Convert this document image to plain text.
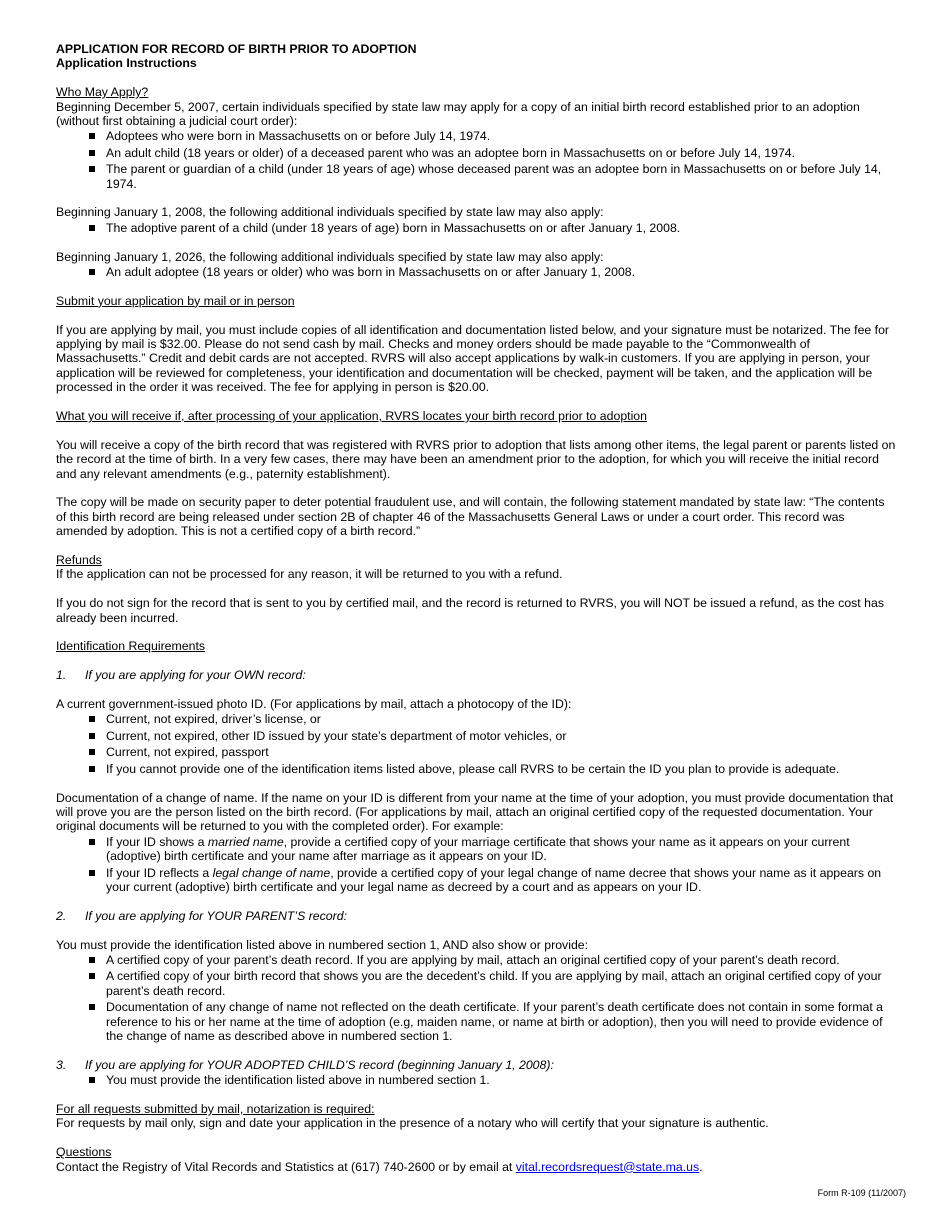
APPLICATION FOR RECORD OF BIRTH PRIOR TO ADOPTION

Application Instructions

Who May Apply?

Beginning December 5, 2007, certain individuals specified by state law may apply for a copy of an initial birth record established prior to an adoption (without first obtaining a judicial court order):

Adoptees who were born in Massachusetts on or before July 14, 1974.
An adult child (18 years or older) of a deceased parent who was an adoptee born in Massachusetts on or before July 14, 1974.
The parent or guardian of a child (under 18 years of age) whose deceased parent was an adoptee born in Massachusetts on or before July 14, 1974.

Beginning January 1, 2008, the following additional individuals specified by state law may also apply:

The adoptive parent of a child (under 18 years of age) born in Massachusetts on or after January 1, 2008.

Beginning January 1, 2026, the following additional individuals specified by state law may also apply:

An adult adoptee (18 years or older) who was born in Massachusetts on or after January 1, 2008.

Submit your application by mail or in person

If you are applying by mail, you must include copies of all identification and documentation listed below, and your signature must be notarized. The fee for applying by mail is $32.00. Please do not send cash by mail. Checks and money orders should be made payable to the “Commonwealth of Massachusetts.” Credit and debit cards are not accepted. RVRS will also accept applications by walk-in customers. If you are applying in person, your application will be reviewed for completeness, your identification and documentation will be checked, payment will be taken, and the application will be processed in the order it was received. The fee for applying in person is $20.00.

What you will receive if, after processing of your application, RVRS locates your birth record prior to adoption

You will receive a copy of the birth record that was registered with RVRS prior to adoption that lists among other items, the legal parent or parents listed on the record at the time of birth. In a very few cases, there may have been an amendment prior to the adoption, for which you will receive the initial record and any relevant amendments (e.g., paternity establishment).

The copy will be made on security paper to deter potential fraudulent use, and will contain, the following statement mandated by state law: “The contents of this birth record are being released under section 2B of chapter 46 of the Massachusetts General Laws or under a court order. This record was amended by adoption. This is not a certified copy of a birth record.”

Refunds

If the application can not be processed for any reason, it will be returned to you with a refund.

If you do not sign for the record that is sent to you by certified mail, and the record is returned to RVRS, you will NOT be issued a refund, as the cost has already been incurred.

Identification Requirements

1. If you are applying for your OWN record:

A current government-issued photo ID. (For applications by mail, attach a photocopy of the ID):

Current, not expired, driver’s license, or
Current, not expired, other ID issued by your state’s department of motor vehicles, or
Current, not expired, passport
If you cannot provide one of the identification items listed above, please call RVRS to be certain the ID you plan to provide is adequate.

Documentation of a change of name. If the name on your ID is different from your name at the time of your adoption, you must provide documentation that will prove you are the person listed on the birth record. (For applications by mail, attach an original certified copy of the requested documentation. Your original documents will be returned to you with the completed order). For example:

If your ID shows a married name, provide a certified copy of your marriage certificate that shows your name as it appears on your current (adoptive) birth certificate and your name after marriage as it appears on your ID.
If your ID reflects a legal change of name, provide a certified copy of your legal change of name decree that shows your name as it appears on your current (adoptive) birth certificate and your legal name as decreed by a court and as appears on your ID.

2. If you are applying for YOUR PARENT’S record:

You must provide the identification listed above in numbered section 1, AND also show or provide:

A certified copy of your parent’s death record. If you are applying by mail, attach an original certified copy of your parent’s death record.
A certified copy of your birth record that shows you are the decedent’s child. If you are applying by mail, attach an original certified copy of your parent’s death record.
Documentation of any change of name not reflected on the death certificate. If your parent’s death certificate does not contain in some format a reference to his or her name at the time of adoption (e.g, maiden name, or name at birth or adoption), then you will need to provide evidence of the change of name as described above in numbered section 1.

3. If you are applying for YOUR ADOPTED CHILD’S record (beginning January 1, 2008):

You must provide the identification listed above in numbered section 1.

For all requests submitted by mail, notarization is required:

For requests by mail only, sign and date your application in the presence of a notary who will certify that your signature is authentic.

Questions

Contact the Registry of Vital Records and Statistics at (617) 740-2600 or by email at vital.recordsrequest@state.ma.us.

Form R-109 (11/2007)
